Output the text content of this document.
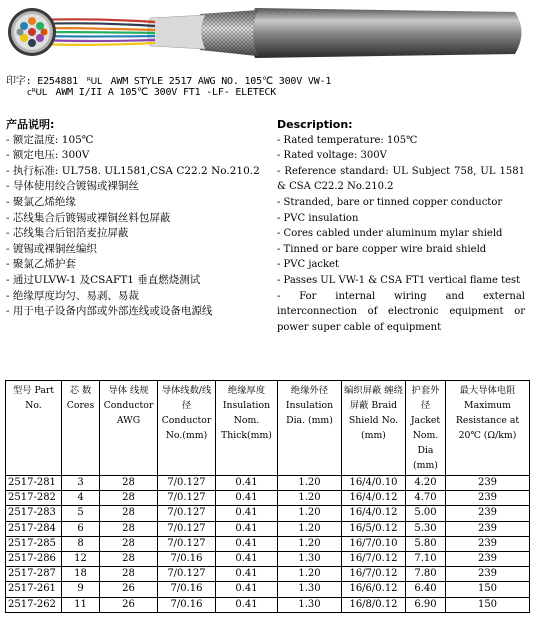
印字: E254881 ᴿUL AWM STYLE 2517 AWG NO. 105℃ 300V VW-1
cᴿUL AWM I/II A 105℃ 300V FT1 -LF- ELETECK
产品说明:

- 额定温度: 105℃

- 额定电压: 300V

- 执行标准: UL758. UL1581,CSA C22.2 No.210.2

- 导体使用绞合镀锡或裸铜丝

- 聚氯乙烯绝缘

- 芯线集合后镀锡或裸铜丝料包屏蔽

- 芯线集合后铝箔麦拉屏蔽

- 镀锡或裸铜丝编织

- 聚氯乙烯护套

- 通过ULVW-1 及CSAFT1 垂直燃烧测试

- 绝缘厚度均匀、易剥、易裁

- 用于电子设备内部或外部连线或设备电源线

Description:

- Rated temperature: 105℃

- Rated voltage: 300V

- Reference standard: UL Subject 758, UL 1581 & CSA C22.2 No.210.2

- Stranded, bare or tinned copper conductor

- PVC insulation

- Cores cabled under aluminum mylar shield

- Tinned or bare copper wire braid shield

- PVC jacket

- Passes UL VW-1 & CSA FT1 vertical flame test

- For internal wiring and external interconnection of electronic equipment or power super cable of equipment

型号 Part No.	芯 数 Cores	导体 线规 Conductor AWG	导体线数/线径 Conductor No.(mm)	绝缘厚度 Insulation Nom. Thick(mm)	绝缘外径 Insulation Dia. (mm)	编织屏蔽 缠绕屏蔽 Braid Shield No. (mm)	护套外径 Jacket Nom. Dia (mm)	最大导体电阻Maximum Resistance at 20℃ (Ω/km)
2517-281	3	28	7/0.127	0.41	1.20	16/4/0.10	4.20	239
2517-282	4	28	7/0.127	0.41	1.20	16/4/0.12	4.70	239
2517-283	5	28	7/0.127	0.41	1.20	16/4/0.12	5.00	239
2517-284	6	28	7/0.127	0.41	1.20	16/5/0.12	5.30	239
2517-285	8	28	7/0.127	0.41	1.20	16/7/0.10	5.80	239
2517-286	12	28	7/0.16	0.41	1.30	16/7/0.12	7.10	239
2517-287	18	28	7/0.127	0.41	1.20	16/7/0.12	7.80	239
2517-261	9	26	7/0.16	0.41	1.30	16/6/0.12	6.40	150
2517-262	11	26	7/0.16	0.41	1.30	16/8/0.12	6.90	150
